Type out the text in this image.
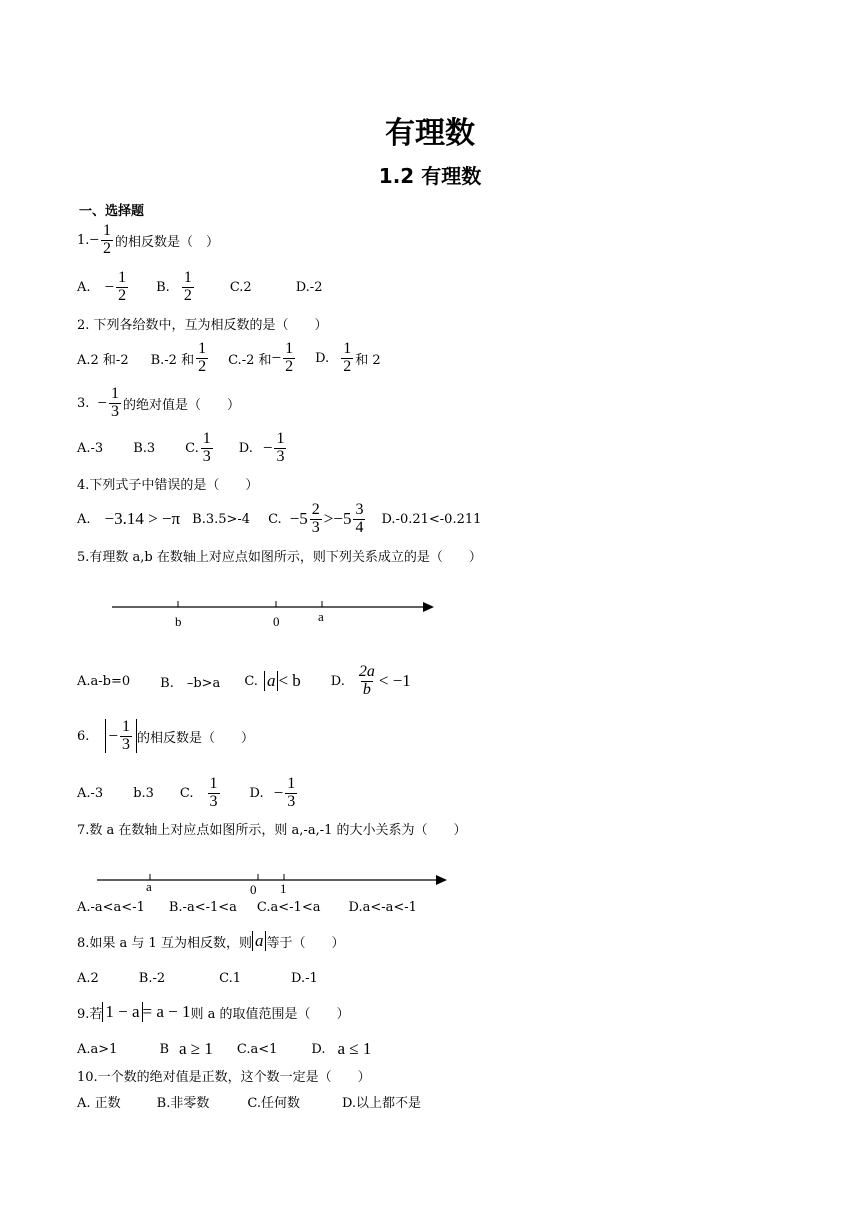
有理数
1.2 有理数
一、选择题
1. − $\frac{1}{2}$ 的相反数是（　）
A. − $\frac{1}{2} B$. $\frac{1}{2}$	C.2	D.-2
2. 下列各给数中，互为相反数的是（　　）
A.2 和-2 B.-2 和 $\frac{1}{2} C.-2$ 和 − $\frac{1}{2} D$. $\frac{1}{2}$ 和 2
3. − $\frac{1}{3}$ 的绝对值是（　　）
A.-3 B.3 C. $\frac{1}{3} D$. − $\frac{1}{3}$
4.下列式子中错误的是（　　）
A. −3.14 > −π B.3.5>-4 C. $-5 \frac{2}{3} > -5 \frac{3}{4} D.-0.21<-0.211$
5.有理数 a,b 在数轴上对应点如图所示，则下列关系成立的是（　　）
b	0	a
A.a-b=0 B.　–b>a C. a < b D. $\frac{2a}{b} < -1$
6. − $\frac{1}{3}$ 的相反数是（　　）
A.-3 b.3 C. $\frac{1}{3} D$. − $\frac{1}{3}$
7.数 a 在数轴上对应点如图所示，则 a,-a,-1 的大小关系为（　　）
a	0 1
A.-a<a<-1 B.-a<-1<a C.a<-1<a D.a<-a<-1
8.如果 a 与 1 互为相反数，则 a 等于（　　）
A.2	B.-2	C.1	D.-1
9.若 1 − a = a − 1 则 a 的取值范围是（　　）
A.a>1	B a ≥ 1 C.a<1	D. a ≤ 1
10.一个数的绝对值是正数，这个数一定是（　　）
A. 正数	B.非零数	C.任何数	D.以上都不是
